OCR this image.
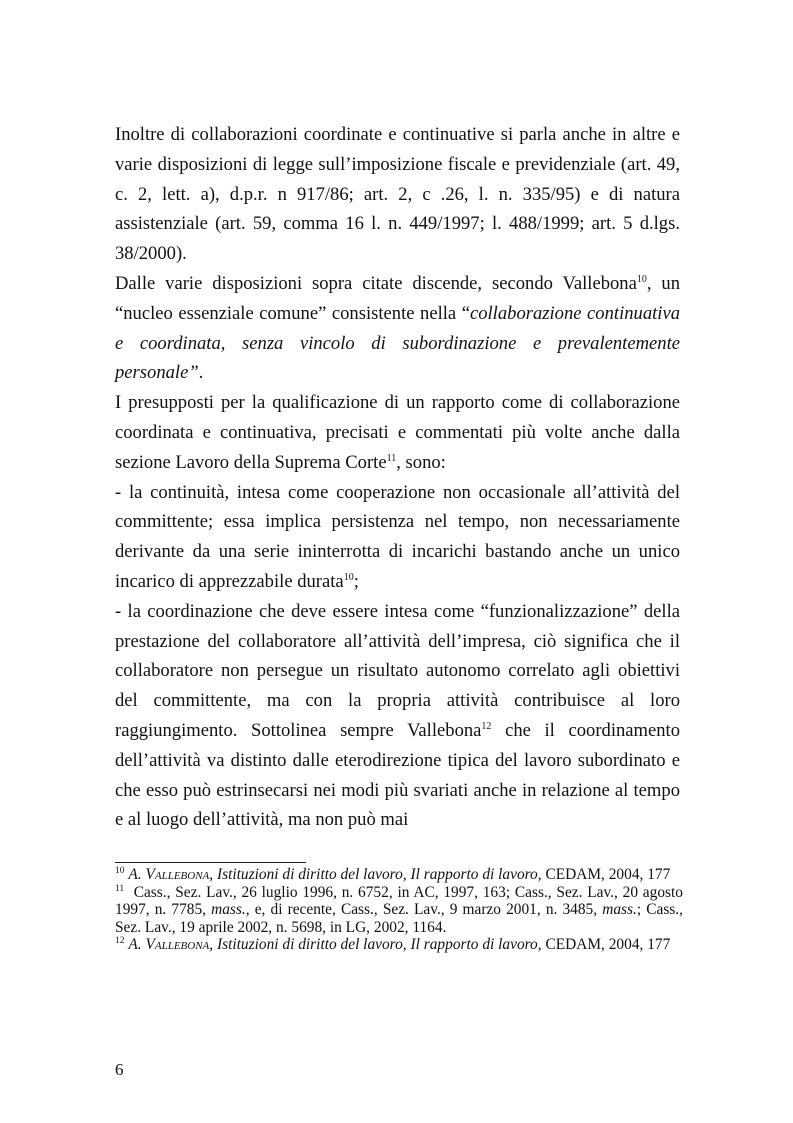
Inoltre di collaborazioni coordinate e continuative si parla anche in altre e varie disposizioni di legge sull’imposizione fiscale e previdenziale (art. 49, c. 2, lett. a), d.p.r. n 917/86; art. 2, c .26, l. n. 335/95) e di natura assistenziale (art. 59, comma 16 l. n. 449/1997; l. 488/1999; art. 5 d.lgs. 38/2000).

Dalle varie disposizioni sopra citate discende, secondo Vallebona$^{10}$, un “nucleo essenziale comune” consistente nella “collaborazione continuativa e coordinata, senza vincolo di subordinazione e prevalentemente personale”.

I presupposti per la qualificazione di un rapporto come di collaborazione coordinata e continuativa, precisati e commentati più volte anche dalla sezione Lavoro della Suprema Corte$^{11}$, sono:

- la continuità, intesa come cooperazione non occasionale all’attività del committente; essa implica persistenza nel tempo, non necessariamente derivante da una serie ininterrotta di incarichi bastando anche un unico incarico di apprezzabile durata$^{10}$;

- la coordinazione che deve essere intesa come “funzionalizzazione” della prestazione del collaboratore all’attività dell’impresa, ciò significa che il collaboratore non persegue un risultato autonomo correlato agli obiettivi del committente, ma con la propria attività contribuisce al loro raggiungimento. Sottolinea sempre Vallebona$^{12}$ che il coordinamento dell’attività va distinto dalle eterodirezione tipica del lavoro subordinato e che esso può estrinsecarsi nei modi più svariati anche in relazione al tempo e al luogo dell’attività, ma non può mai

$^{10}$ A. Vallebona, Istituzioni di diritto del lavoro, Il rapporto di lavoro, CEDAM, 2004, 177

$^{11}$ Cass., Sez. Lav., 26 luglio 1996, n. 6752, in AC, 1997, 163; Cass., Sez. Lav., 20 agosto 1997, n. 7785, mass., e, di recente, Cass., Sez. Lav., 9 marzo 2001, n. 3485, mass.; Cass., Sez. Lav., 19 aprile 2002, n. 5698, in LG, 2002, 1164.

$^{12}$ A. Vallebona, Istituzioni di diritto del lavoro, Il rapporto di lavoro, CEDAM, 2004, 177

6
